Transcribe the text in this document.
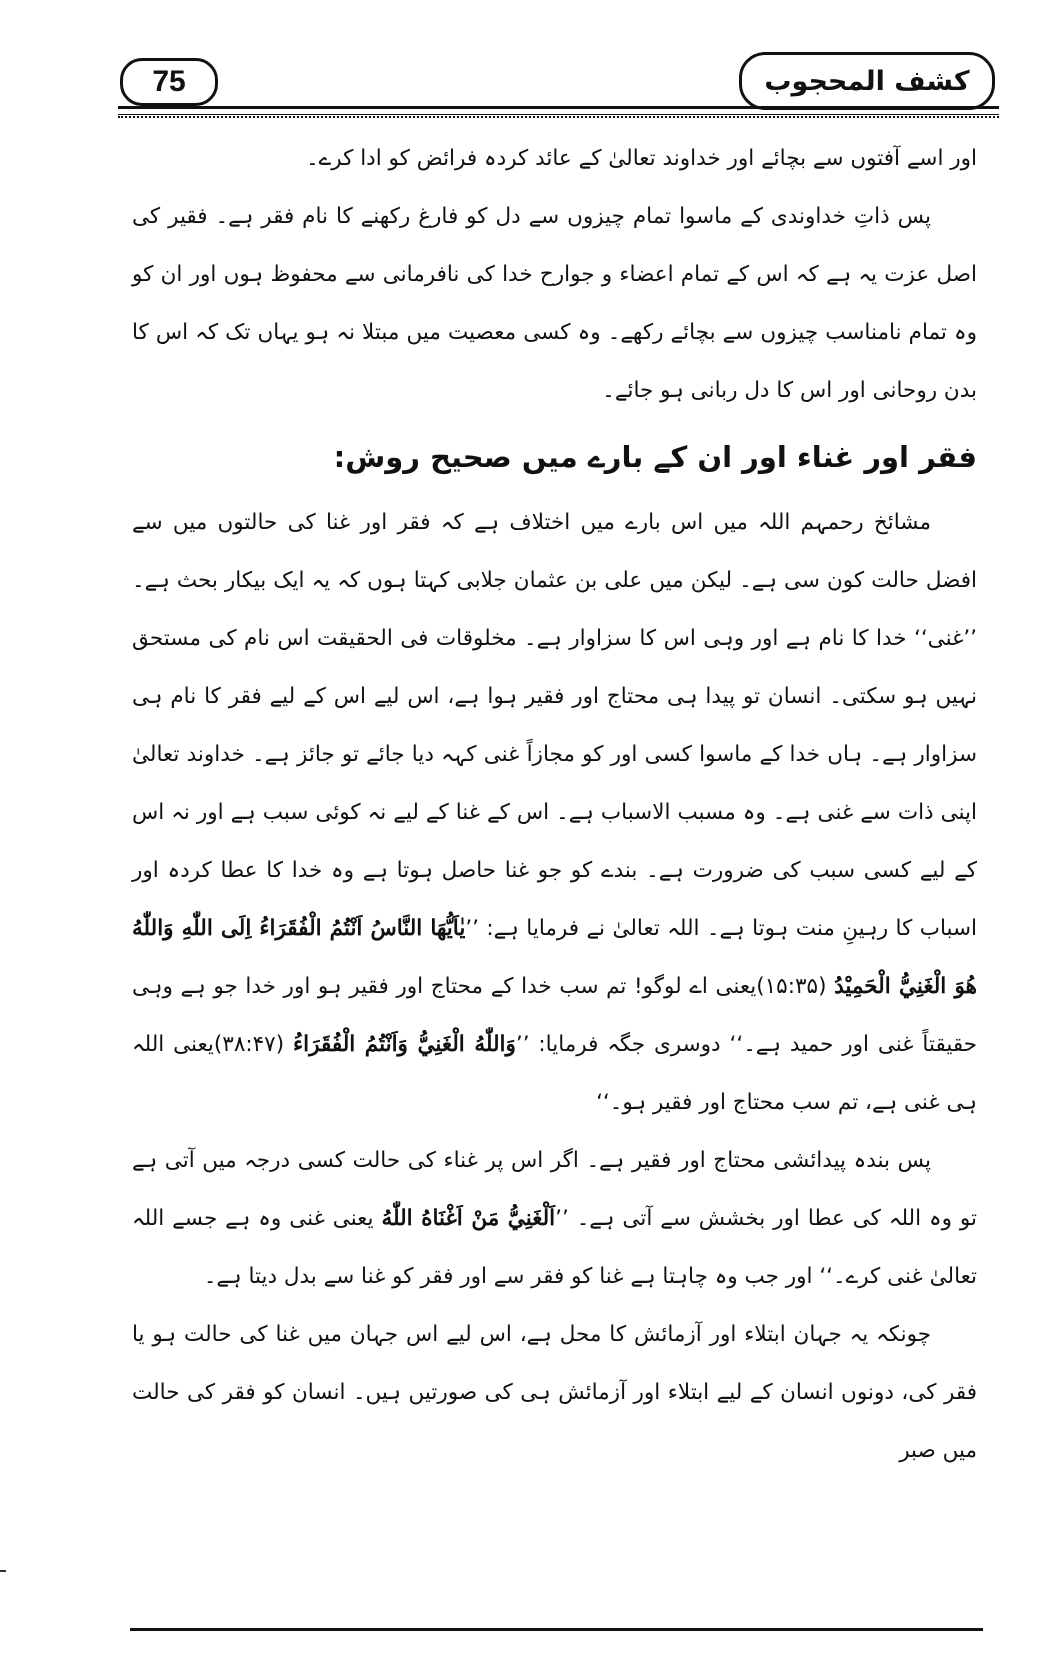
75	کشف المحجوب

اور اسے آفتوں سے بچائے اور خداوند تعالیٰ کے عائد کردہ فرائض کو ادا کرے۔

پس ذاتِ خداوندی کے ماسوا تمام چیزوں سے دل کو فارغ رکھنے کا نام فقر ہے۔ فقیر کی اصل عزت یہ ہے کہ اس کے تمام اعضاء و جوارح خدا کی نافرمانی سے محفوظ ہوں اور ان کو وہ تمام نامناسب چیزوں سے بچائے رکھے۔ وہ کسی معصیت میں مبتلا نہ ہو یہاں تک کہ اس کا بدن روحانی اور اس کا دل ربانی ہو جائے۔

فقر اور غناء اور ان کے بارے میں صحیح روش:

مشائخ رحمہم اللہ میں اس بارے میں اختلاف ہے کہ فقر اور غنا کی حالتوں میں سے افضل حالت کون سی ہے۔ لیکن میں علی بن عثمان جلابی کہتا ہوں کہ یہ ایک بیکار بحث ہے۔ ’’غنی‘‘ خدا کا نام ہے اور وہی اس کا سزاوار ہے۔ مخلوقات فی الحقیقت اس نام کی مستحق نہیں ہو سکتی۔ انسان تو پیدا ہی محتاج اور فقیر ہوا ہے، اس لیے اس کے لیے فقر کا نام ہی سزاوار ہے۔ ہاں خدا کے ماسوا کسی اور کو مجازاً غنی کہہ دیا جائے تو جائز ہے۔ خداوند تعالیٰ اپنی ذات سے غنی ہے۔ وہ مسبب الاسباب ہے۔ اس کے غنا کے لیے نہ کوئی سبب ہے اور نہ اس کے لیے کسی سبب کی ضرورت ہے۔ بندے کو جو غنا حاصل ہوتا ہے وہ خدا کا عطا کردہ اور اسباب کا رہینِ منت ہوتا ہے۔ اللہ تعالیٰ نے فرمایا ہے: ’’یٰاَیُّهَا النَّاسُ اَنْتُمُ الْفُقَرَاءُ اِلَى اللّٰهِ وَاللّٰهُ هُوَ الْغَنِيُّ الْحَمِيْدُ (۱۵:۳۵)یعنی اے لوگو! تم سب خدا کے محتاج اور فقیر ہو اور خدا جو ہے وہی حقیقتاً غنی اور حمید ہے۔‘‘ دوسری جگہ فرمایا: ’’وَاللّٰهُ الْغَنِيُّ وَاَنْتُمُ الْفُقَرَاءُ (۳۸:۴۷)یعنی اللہ ہی غنی ہے، تم سب محتاج اور فقیر ہو۔‘‘

پس بندہ پیدائشی محتاج اور فقیر ہے۔ اگر اس پر غناء کی حالت کسی درجہ میں آتی ہے تو وہ اللہ کی عطا اور بخشش سے آتی ہے۔ ’’اَلْغَنِيُّ مَنْ اَغْنَاهُ اللّٰهُ یعنی غنی وہ ہے جسے اللہ تعالیٰ غنی کرے۔‘‘ اور جب وہ چاہتا ہے غنا کو فقر سے اور فقر کو غنا سے بدل دیتا ہے۔

چونکہ یہ جہان ابتلاء اور آزمائش کا محل ہے، اس لیے اس جہان میں غنا کی حالت ہو یا فقر کی، دونوں انسان کے لیے ابتلاء اور آزمائش ہی کی صورتیں ہیں۔ انسان کو فقر کی حالت میں صبر
